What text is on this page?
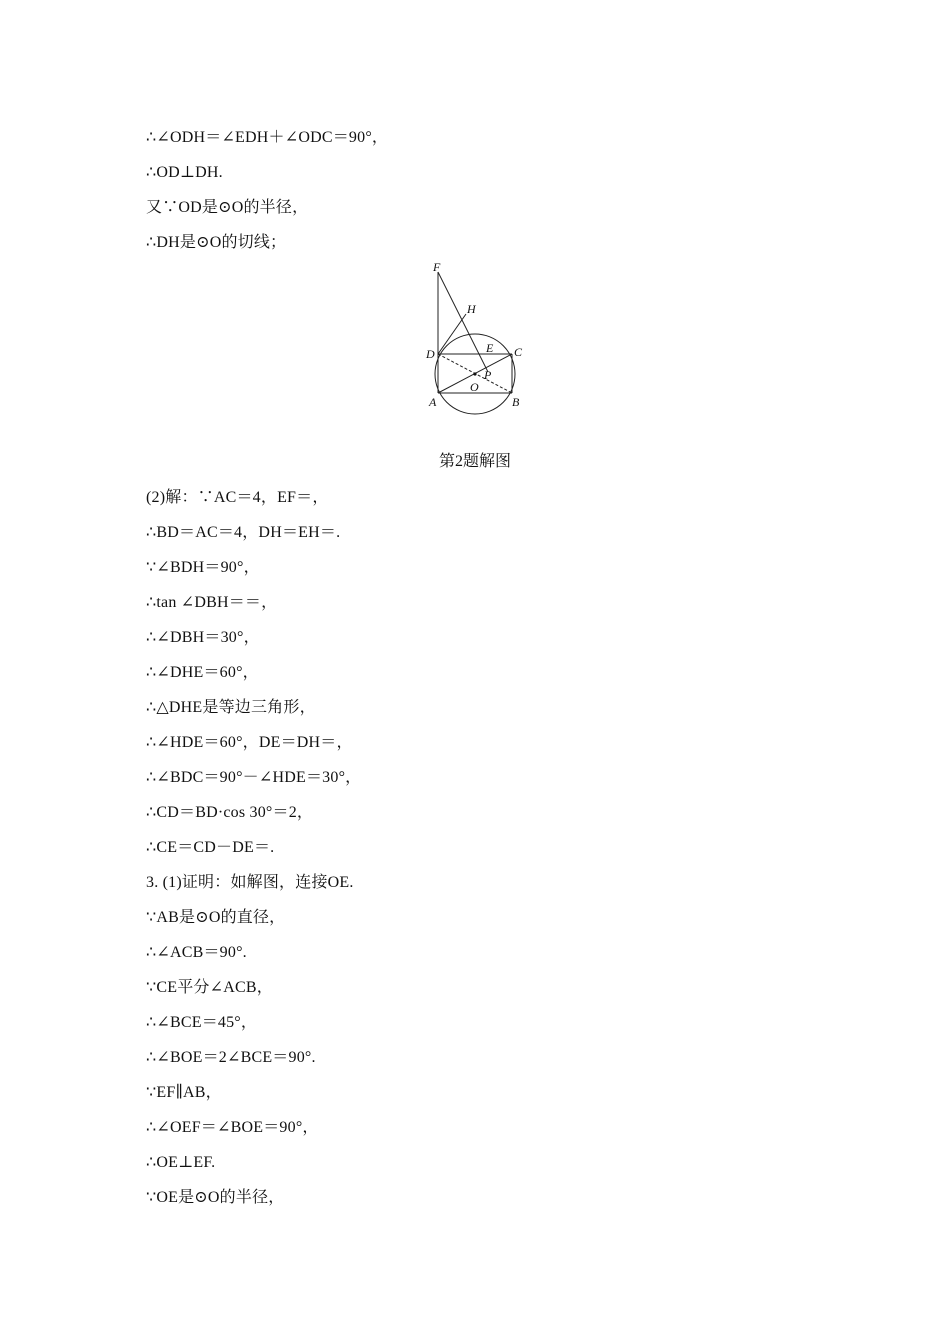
∴∠ODH＝∠EDH＋∠ODC＝90°，
∴OD⊥DH.
又∵OD是⊙O的半径，
∴DH是⊙O的切线；
F
H
D	E C
P
O
A	B
第2题解图
(2)解：∵AC＝4，EF＝，
∴BD＝AC＝4，DH＝EH＝.
∵∠BDH＝90°，
∴tan ∠DBH＝＝，
∴∠DBH＝30°，
∴∠DHE＝60°，
∴△DHE是等边三角形，
∴∠HDE＝60°，DE＝DH＝，
∴∠BDC＝90°－∠HDE＝30°，
∴CD＝BD·cos 30°＝2，
∴CE＝CD－DE＝.
3. (1)证明：如解图，连接OE.
∵AB是⊙O的直径，
∴∠ACB＝90°.
∵CE平分∠ACB，
∴∠BCE＝45°，
∴∠BOE＝2∠BCE＝90°.
∵EF∥AB，
∴∠OEF＝∠BOE＝90°，
∴OE⊥EF.
∵OE是⊙O的半径，
